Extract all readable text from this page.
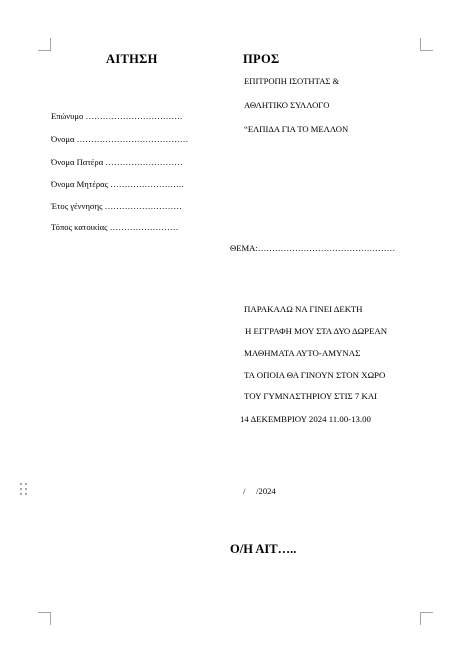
ΑΙΤΗΣΗ	ΠΡΟΣ
ΕΠΙΤΡΟΠΗ ΙΣΟΤΗΤΑΣ &
ΑΘΛΗΤΙΚΟ ΣΥΛΛΟΓΟ
“ΕΛΠΙΔΑ ΓΙΑ ΤΟ ΜΕΛΛΟΝ
Επώνυμο …………………………….
Όνομα …………………………………
Όνομα Πατέρα ………………………
Όνομα Μητέρας ……………………..
Έτος γέννησης ………………………
Τόπος κατοικίας ……………………
ΘΕΜΑ:…………………………………………
ΠΑΡΑΚΑΛΩ ΝΑ ΓΙΝΕΙ ΔΕΚΤΗ
Η ΕΓΓΡΑΦΗ ΜΟΥ ΣΤΑ ΔΥΟ ΔΩΡΕΑΝ
ΜΑΘΗΜΑΤΑ ΑΥΤΟ-ΑΜΥΝΑΣ
ΤΑ ΟΠΟΙΑ ΘΑ ΓΙΝΟΥΝ ΣΤΟΝ ΧΩΡΟ
ΤΟΥ ΓΥΜΝΑΣΤΗΡΙΟΥ ΣΤΙΣ 7 ΚΑΙ
14 ΔΕΚΕΜΒΡΙΟΥ 2024 11.00-13.00
/     /2024
Ο/Η ΑΙΤ…..
